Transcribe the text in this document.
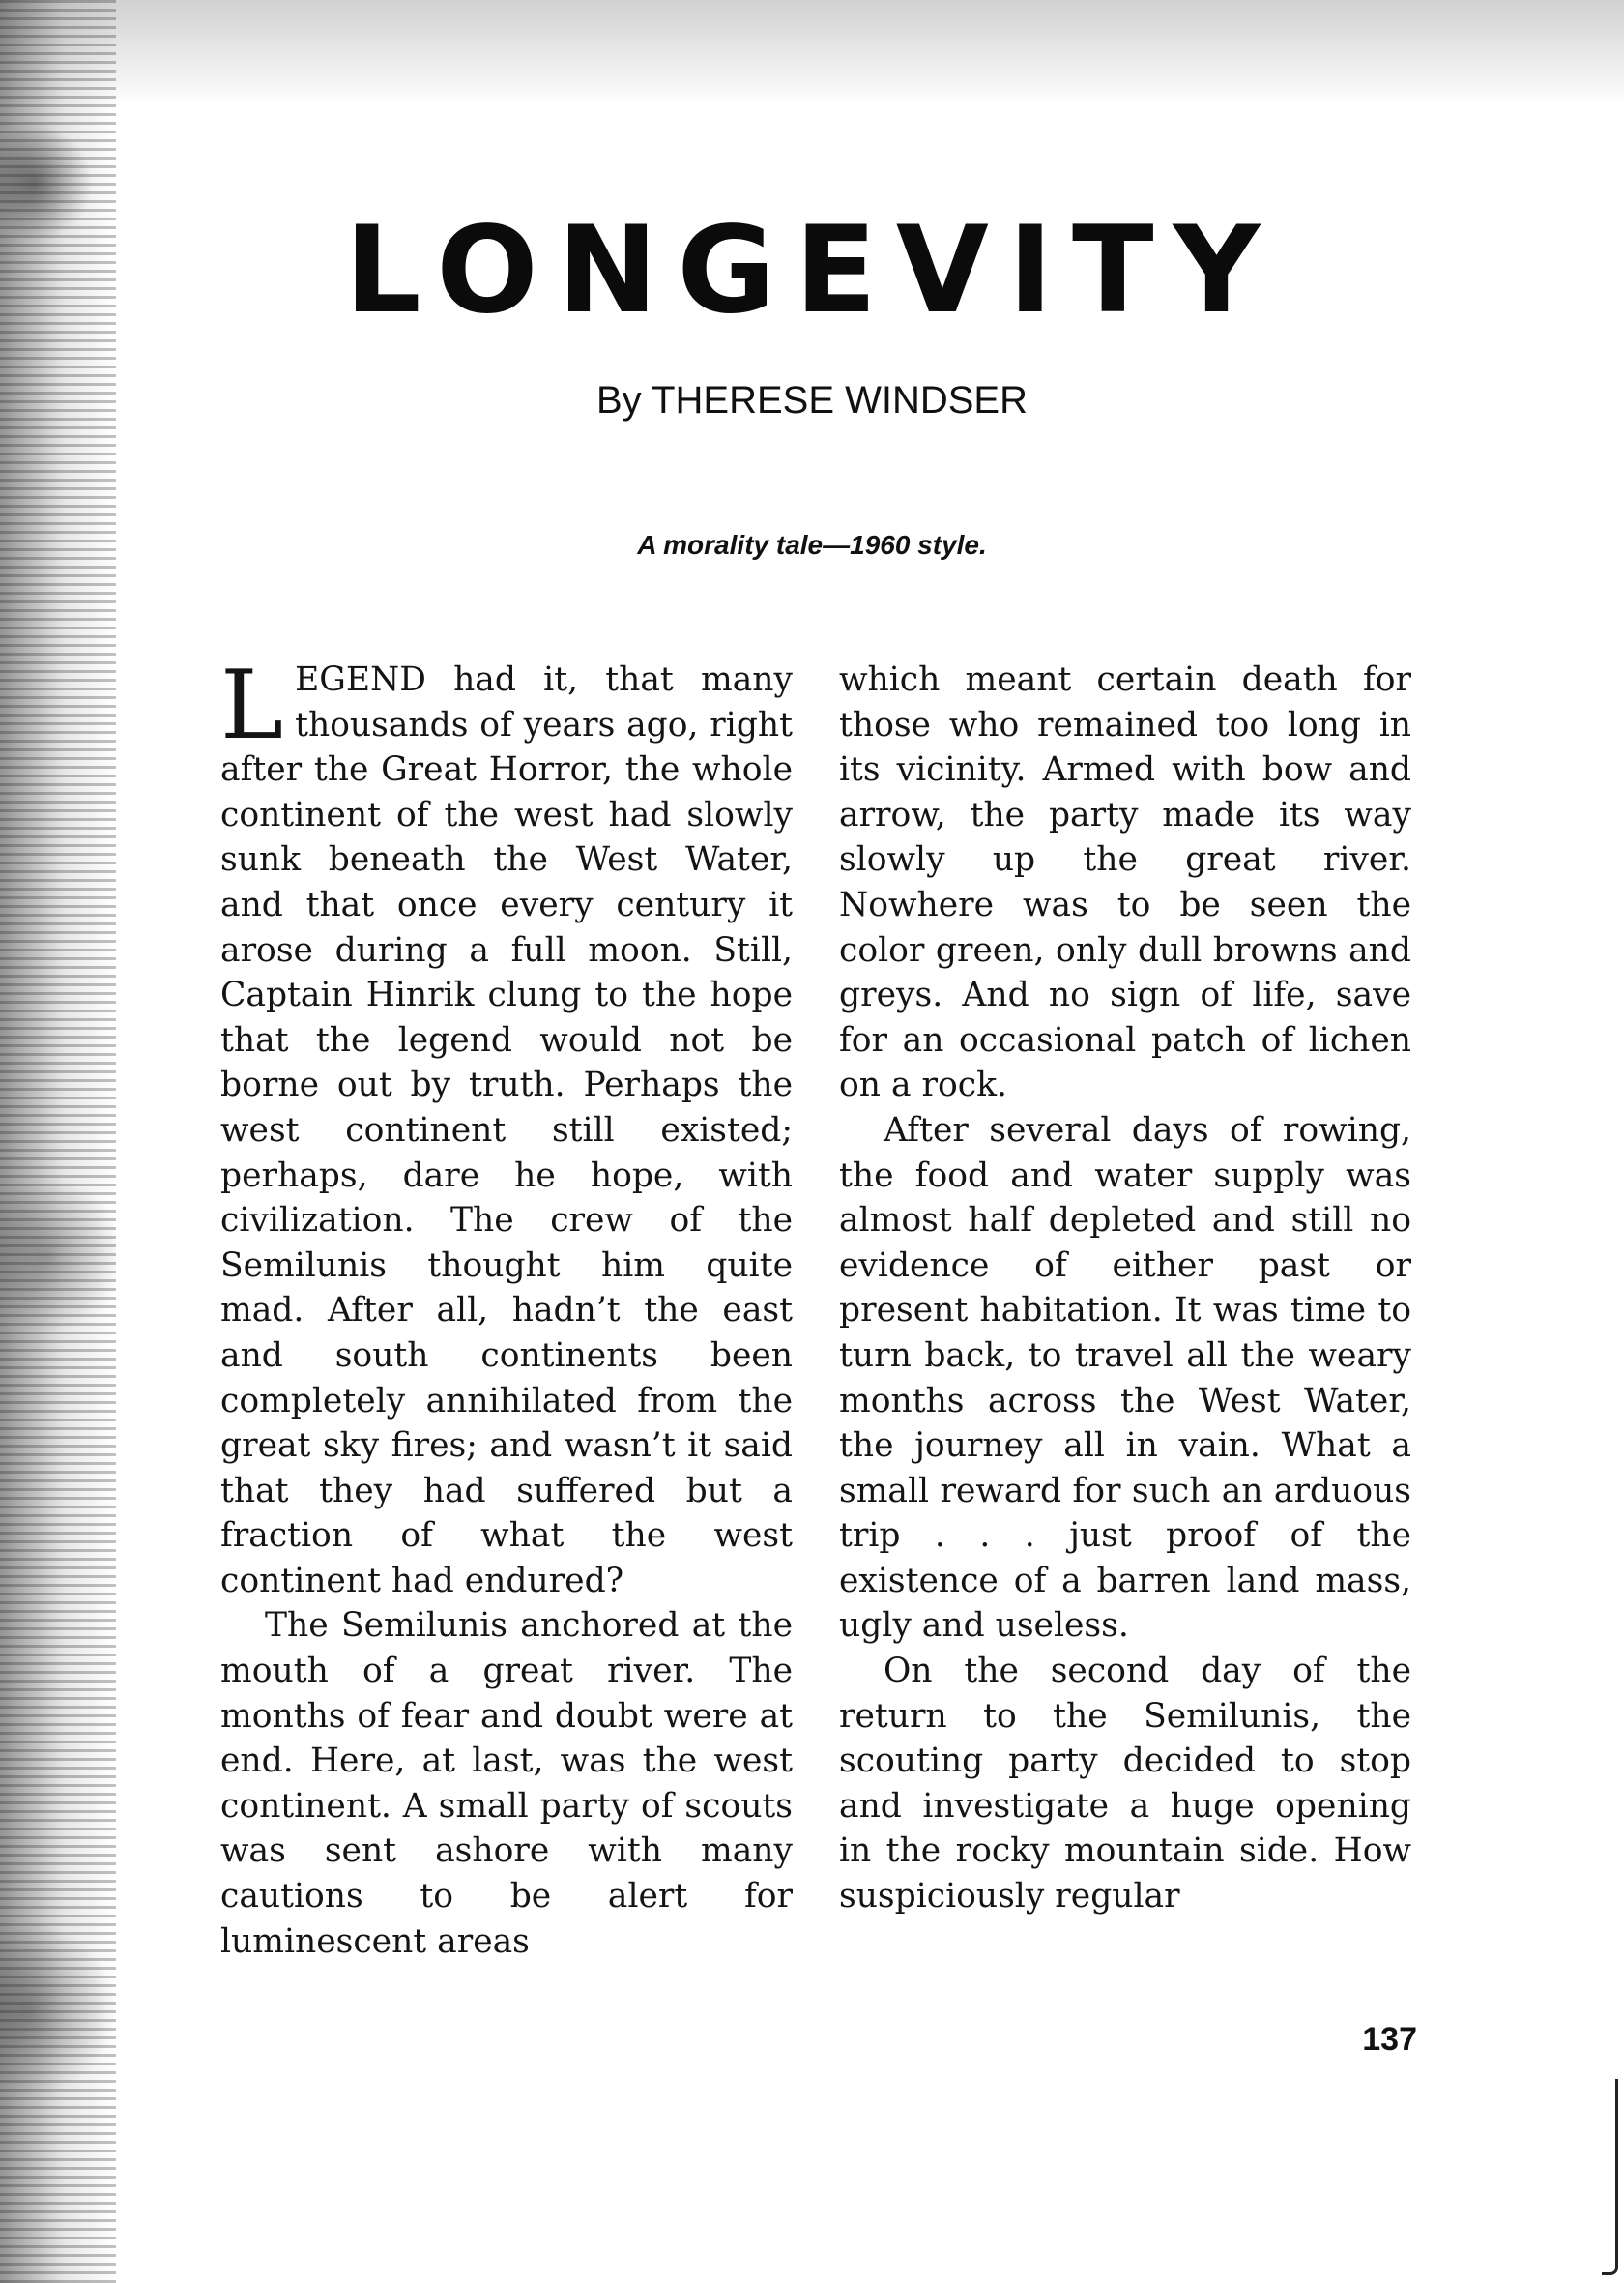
LONGEVITY
By THERESE WINDSER
A morality tale—1960 style.

LEGEND had it, that many thousands of years ago, right after the Great Horror, the whole continent of the west had slowly sunk beneath the West Water, and that once every century it arose during a full moon. Still, Captain Hinrik clung to the hope that the legend would not be borne out by truth. Perhaps the west continent still existed; perhaps, dare he hope, with civilization. The crew of the Semilunis thought him quite mad. After all, hadn’t the east and south continents been completely annihilated from the great sky fires; and wasn’t it said that they had suffered but a fraction of what the west continent had endured?

The Semilunis anchored at the mouth of a great river. The months of fear and doubt were at end. Here, at last, was the west continent. A small party of scouts was sent ashore with many cautions to be alert for luminescent areas

which meant certain death for those who remained too long in its vicinity. Armed with bow and arrow, the party made its way slowly up the great river. Nowhere was to be seen the color green, only dull browns and greys. And no sign of life, save for an occasional patch of lichen on a rock.

After several days of rowing, the food and water supply was almost half depleted and still no evidence of either past or present habitation. It was time to turn back, to travel all the weary months across the West Water, the journey all in vain. What a small reward for such an arduous trip . . . just proof of the existence of a barren land mass, ugly and useless.

On the second day of the return to the Semilunis, the scouting party decided to stop and investigate a huge opening in the rocky mountain side. How suspiciously regular

137
